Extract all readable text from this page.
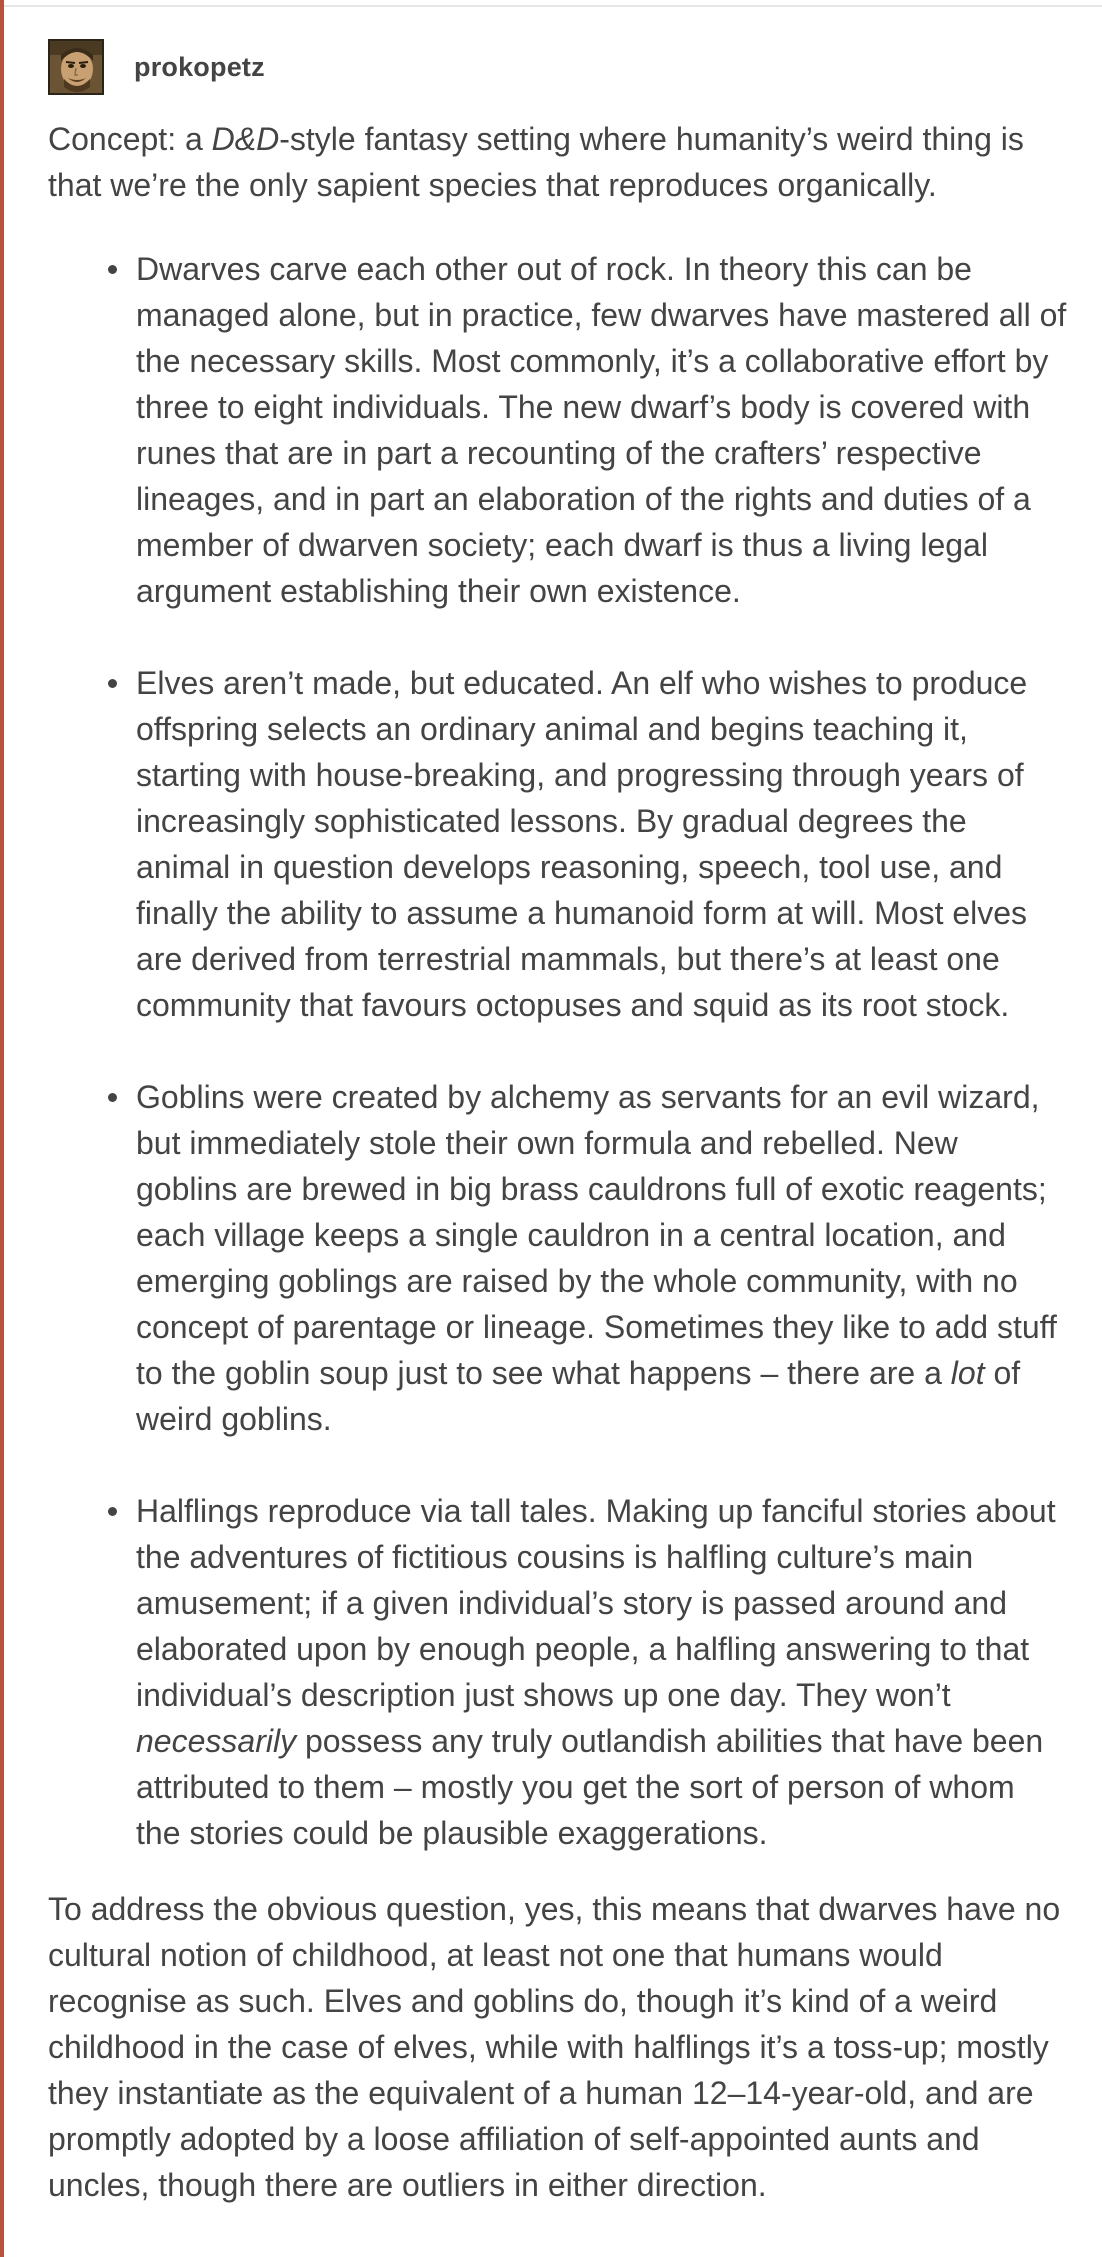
prokopetz

Concept: a D&D-style fantasy setting where humanity’s weird thing is that we’re the only sapient species that reproduces organically.

Dwarves carve each other out of rock. In theory this can be managed alone, but in practice, few dwarves have mastered all of the necessary skills. Most commonly, it’s a collaborative effort by three to eight individuals. The new dwarf’s body is covered with runes that are in part a recounting of the crafters’ respective lineages, and in part an elaboration of the rights and duties of a member of dwarven society; each dwarf is thus a living legal argument establishing their own existence.
Elves aren’t made, but educated. An elf who wishes to produce offspring selects an ordinary animal and begins teaching it, starting with house-breaking, and progressing through years of increasingly sophisticated lessons. By gradual degrees the animal in question develops reasoning, speech, tool use, and finally the ability to assume a humanoid form at will. Most elves are derived from terrestrial mammals, but there’s at least one community that favours octopuses and squid as its root stock.
Goblins were created by alchemy as servants for an evil wizard, but immediately stole their own formula and rebelled. New goblins are brewed in big brass cauldrons full of exotic reagents; each village keeps a single cauldron in a central location, and emerging goblings are raised by the whole community, with no concept of parentage or lineage. Sometimes they like to add stuff to the goblin soup just to see what happens – there are a lot of weird goblins.
Halflings reproduce via tall tales. Making up fanciful stories about the adventures of fictitious cousins is halfling culture’s main amusement; if a given individual’s story is passed around and elaborated upon by enough people, a halfling answering to that individual’s description just shows up one day. They won’t necessarily possess any truly outlandish abilities that have been attributed to them – mostly you get the sort of person of whom the stories could be plausible exaggerations.

To address the obvious question, yes, this means that dwarves have no cultural notion of childhood, at least not one that humans would recognise as such. Elves and goblins do, though it’s kind of a weird childhood in the case of elves, while with halflings it’s a toss-up; mostly they instantiate as the equivalent of a human 12–14-year-old, and are promptly adopted by a loose affiliation of self-appointed aunts and uncles, though there are outliers in either direction.
